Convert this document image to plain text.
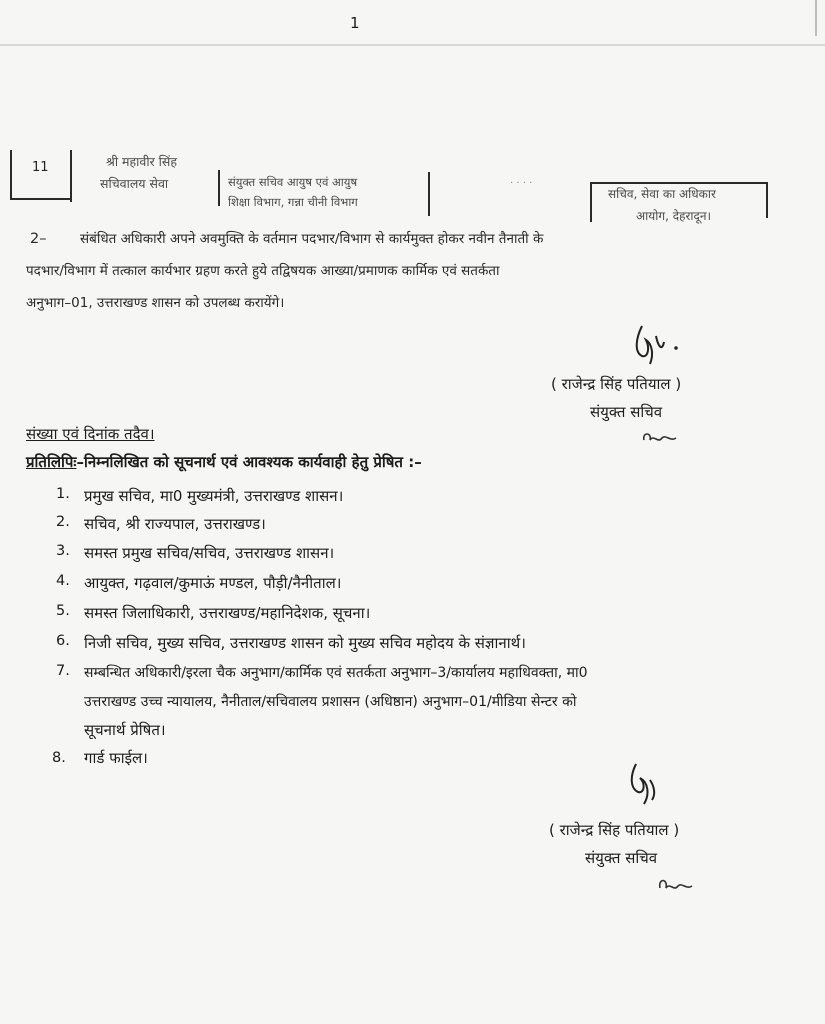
1
11	श्री महावीर सिंह
सचिवालय सेवा	संयुक्त सचिव आयुष एवं आयुष
शिक्षा विभाग, गन्ना चीनी विभाग
· · · ·
सचिव, सेवा का अधिकार
आयोग, देहरादून।
2– संबंधित अधिकारी अपने अवमुक्ति के वर्तमान पदभार/विभाग से कार्यमुक्त होकर नवीन तैनाती के
पदभार/विभाग में तत्काल कार्यभार ग्रहण करते हुये तद्विषयक आख्या/प्रमाणक कार्मिक एवं सतर्कता
अनुभाग–01, उत्तराखण्ड शासन को उपलब्ध करायेंगे।
( राजेन्द्र सिंह पतियाल )
संयुक्त सचिव
संख्या एवं दिनांक तदैव।
प्रतिलिपिः–निम्नलिखित को सूचनार्थ एवं आवश्यक कार्यवाही हेतु प्रेषित :–
1. प्रमुख सचिव, मा0 मुख्यमंत्री, उत्तराखण्ड शासन।
2. सचिव, श्री राज्यपाल, उत्तराखण्ड।
3. समस्त प्रमुख सचिव/सचिव, उत्तराखण्ड शासन।
4. आयुक्त, गढ़वाल/कुमाऊं मण्डल, पौड़ी/नैनीताल।
5. समस्त जिलाधिकारी, उत्तराखण्ड/महानिदेशक, सूचना।
6. निजी सचिव, मुख्य सचिव, उत्तराखण्ड शासन को मुख्य सचिव महोदय के संज्ञानार्थ।
7. सम्बन्धित अधिकारी/इरला चैक अनुभाग/कार्मिक एवं सतर्कता अनुभाग–3/कार्यालय महाधिवक्ता, मा0
उत्तराखण्ड उच्च न्यायालय, नैनीताल/सचिवालय प्रशासन (अधिष्ठान) अनुभाग–01/मीडिया सेन्टर को
सूचनार्थ प्रेषित।
8. गार्ड फाईल।
( राजेन्द्र सिंह पतियाल )
संयुक्त सचिव
